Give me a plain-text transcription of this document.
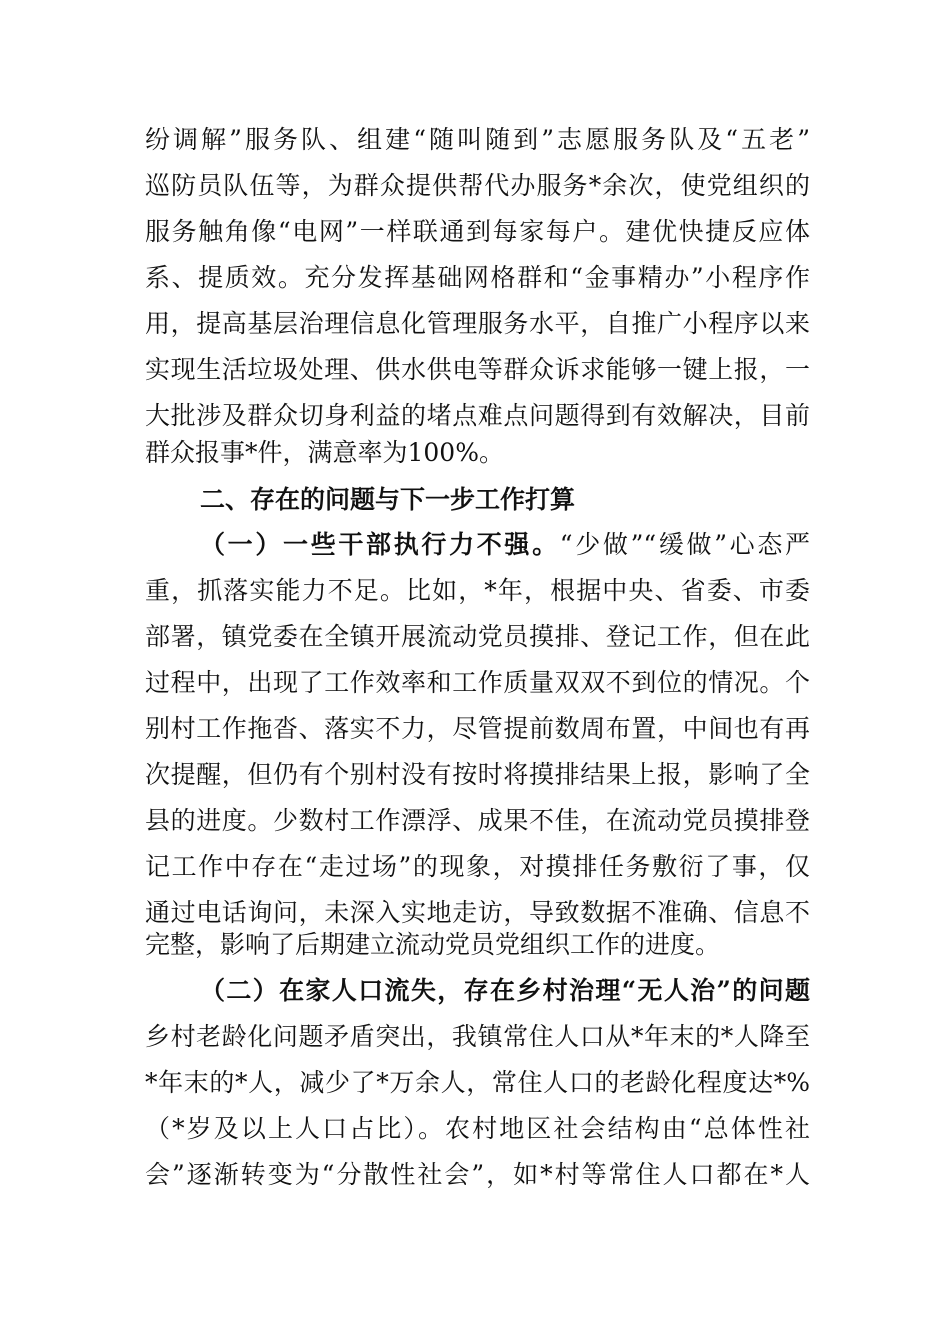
纷调解”服务队、组建“随叫随到”志愿服务队及“五老”
巡防员队伍等，为群众提供帮代办服务*余次，使党组织的
服务触角像“电网”一样联通到每家每户。建优快捷反应体
系、提质效。充分发挥基础网格群和“金事精办”小程序作
用，提高基层治理信息化管理服务水平，自推广小程序以来
实现生活垃圾处理、供水供电等群众诉求能够一键上报，一
大批涉及群众切身利益的堵点难点问题得到有效解决，目前
群众报事*件，满意率为100%。
二、存在的问题与下一步工作打算
（一）一些干部执行力不强。“少做”“缓做”心态严
重，抓落实能力不足。比如，*年，根据中央、省委、市委
部署，镇党委在全镇开展流动党员摸排、登记工作，但在此
过程中，出现了工作效率和工作质量双双不到位的情况。个
别村工作拖沓、落实不力，尽管提前数周布置，中间也有再
次提醒，但仍有个别村没有按时将摸排结果上报，影响了全
县的进度。少数村工作漂浮、成果不佳，在流动党员摸排登
记工作中存在“走过场”的现象，对摸排任务敷衍了事，仅
通过电话询问，未深入实地走访，导致数据不准确、信息不
完整，影响了后期建立流动党员党组织工作的进度。
（二）在家人口流失，存在乡村治理“无人治”的问题
乡村老龄化问题矛盾突出，我镇常住人口从*年末的*人降至
*年末的*人，减少了*万余人，常住人口的老龄化程度达*%
（*岁及以上人口占比）。农村地区社会结构由“总体性社
会”逐渐转变为“分散性社会”，如*村等常住人口都在*人
